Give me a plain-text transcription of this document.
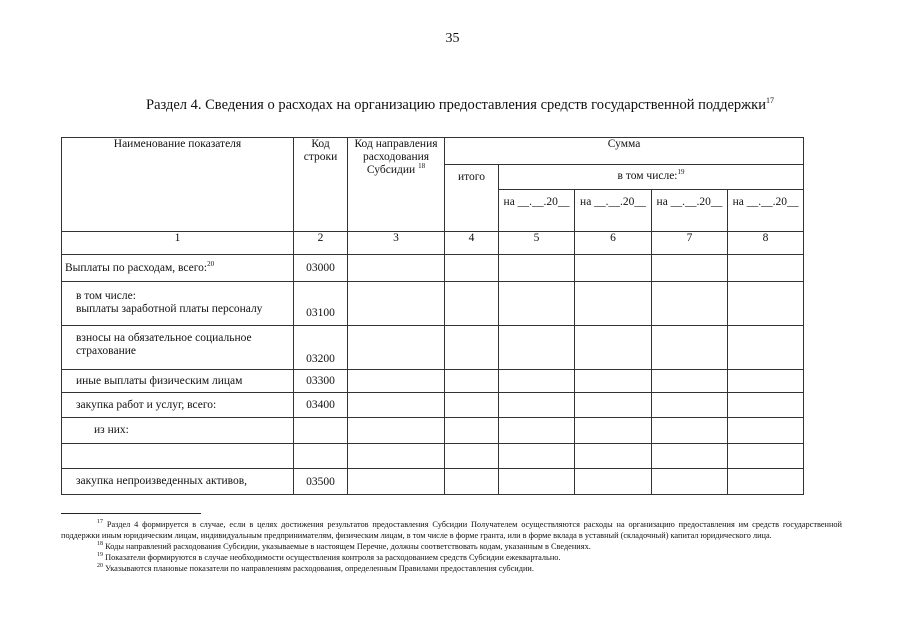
35
Раздел 4. Сведения о расходах на организацию предоставления средств государственной поддержки$^{17}$
Наименование показателя	Код строки	Код направления расходования Субсидии $^{18}$	Сумма				
			итого	в том числе:$^{19}$
				на __.__.20__	на __.__.20__	на __.__.20__	на __.__.20__
1	2	3	4	5	6	7	8
Выплаты по расходам, всего:$^{20}$	03000						

в том числе:
выплаты заработной платы персоналу	03100						

взносы на обязательное социальное
страхование	03200						
иные выплаты физическим лицам	03300						
закупка работ и услуг, всего:	03400						
из них:							

закупка непроизведенных активов,	03500						

$^{17}$ Раздел 4 формируется в случае, если в целях достижения результатов предоставления Субсидии Получателем осуществляются расходы на организацию предоставления им средств государственной поддержки иным юридическим лицам, индивидуальным предпринимателям, физическим лицам, в том числе в форме гранта, или в форме вклада в уставный (складочный) капитал юридического лица.

$^{18}$ Коды направлений расходования Субсидии, указываемые в настоящем Перечне, должны соответствовать кодам, указанным в Сведениях.

$^{19}$ Показатели формируются в случае необходимости осуществления контроля за расходованием средств Субсидии ежеквартально.

$^{20}$ Указываются плановые показатели по направлениям расходования, определенным Правилами предоставления субсидии.
